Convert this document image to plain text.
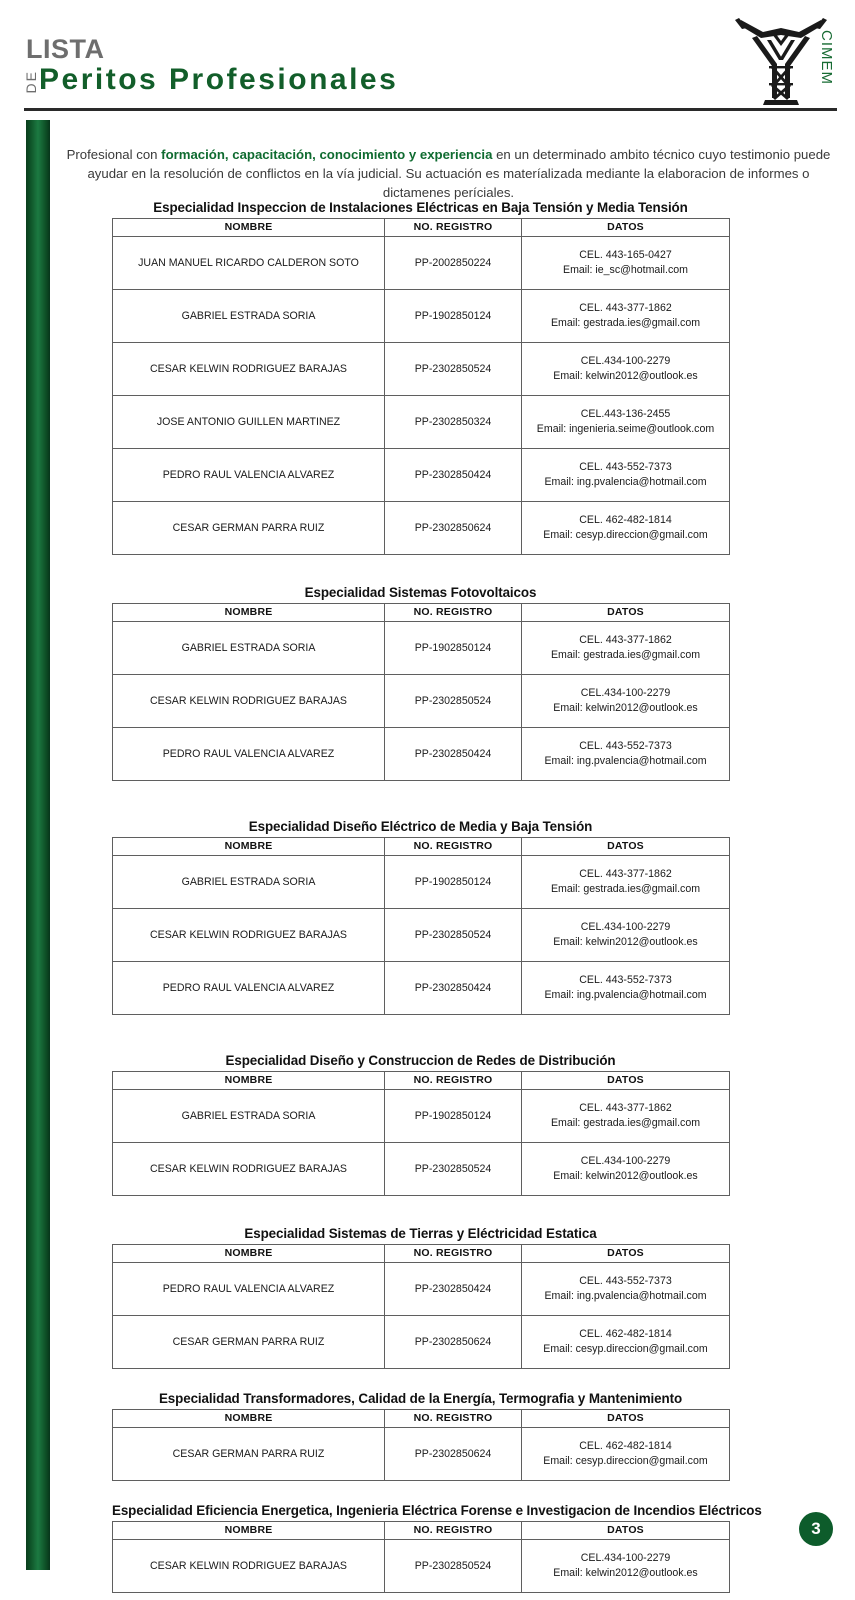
LISTA
DE Peritos Profesionales	CIMEM

Profesional con formación, capacitación, conocimiento y experiencia en un determinado ambito técnico cuyo testimonio puede ayudar en la resolución de conflictos en la vía judicial. Su actuación es materíalizada mediante la elaboracion de informes o dictamenes períciales.

Especialidad Inspeccion de Instalaciones Eléctricas en Baja Tensión y Media Tensión
NOMBRE	NO. REGISTRO	DATOS
JUAN MANUEL RICARDO CALDERON SOTO	PP-2002850224	CEL. 443-165-0427
Email: ie_sc@hotmail.com

GABRIEL ESTRADA SORIA	PP-1902850124	CEL. 443-377-1862
Email: gestrada.ies@gmail.com

CESAR KELWIN RODRIGUEZ BARAJAS	PP-2302850524	CEL.434-100-2279
Email: kelwin2012@outlook.es

JOSE ANTONIO GUILLEN MARTINEZ	PP-2302850324	CEL.443-136-2455
Email: ingenieria.seime@outlook.com

PEDRO RAUL VALENCIA ALVAREZ	PP-2302850424	CEL. 443-552-7373
Email: ing.pvalencia@hotmail.com

CESAR GERMAN PARRA RUIZ	PP-2302850624	CEL. 462-482-1814
Email: cesyp.direccion@gmail.com
Especialidad Sistemas Fotovoltaicos
NOMBRE	NO. REGISTRO	DATOS
GABRIEL ESTRADA SORIA	PP-1902850124	CEL. 443-377-1862
Email: gestrada.ies@gmail.com

CESAR KELWIN RODRIGUEZ BARAJAS	PP-2302850524	CEL.434-100-2279
Email: kelwin2012@outlook.es

PEDRO RAUL VALENCIA ALVAREZ	PP-2302850424	CEL. 443-552-7373
Email: ing.pvalencia@hotmail.com
Especialidad Diseño Eléctrico de Media y Baja Tensión
NOMBRE	NO. REGISTRO	DATOS
GABRIEL ESTRADA SORIA	PP-1902850124	CEL. 443-377-1862
Email: gestrada.ies@gmail.com

CESAR KELWIN RODRIGUEZ BARAJAS	PP-2302850524	CEL.434-100-2279
Email: kelwin2012@outlook.es

PEDRO RAUL VALENCIA ALVAREZ	PP-2302850424	CEL. 443-552-7373
Email: ing.pvalencia@hotmail.com
Especialidad Diseño y Construccion de Redes de Distribución
NOMBRE	NO. REGISTRO	DATOS
GABRIEL ESTRADA SORIA	PP-1902850124	CEL. 443-377-1862
Email: gestrada.ies@gmail.com

CESAR KELWIN RODRIGUEZ BARAJAS	PP-2302850524	CEL.434-100-2279
Email: kelwin2012@outlook.es
Especialidad Sistemas de Tierras y Eléctricidad Estatica
NOMBRE	NO. REGISTRO	DATOS
PEDRO RAUL VALENCIA ALVAREZ	PP-2302850424	CEL. 443-552-7373
Email: ing.pvalencia@hotmail.com

CESAR GERMAN PARRA RUIZ	PP-2302850624	CEL. 462-482-1814
Email: cesyp.direccion@gmail.com
Especialidad Transformadores, Calidad de la Energía, Termografia y Mantenimiento
NOMBRE	NO. REGISTRO	DATOS
CESAR GERMAN PARRA RUIZ	PP-2302850624	CEL. 462-482-1814
Email: cesyp.direccion@gmail.com
Especialidad Eficiencia Energetica, Ingenieria Eléctrica Forense e Investigacion de Incendios Eléctricos
NOMBRE	NO. REGISTRO	DATOS
CESAR KELWIN RODRIGUEZ BARAJAS	PP-2302850524	CEL.434-100-2279
Email: kelwin2012@outlook.es
3
